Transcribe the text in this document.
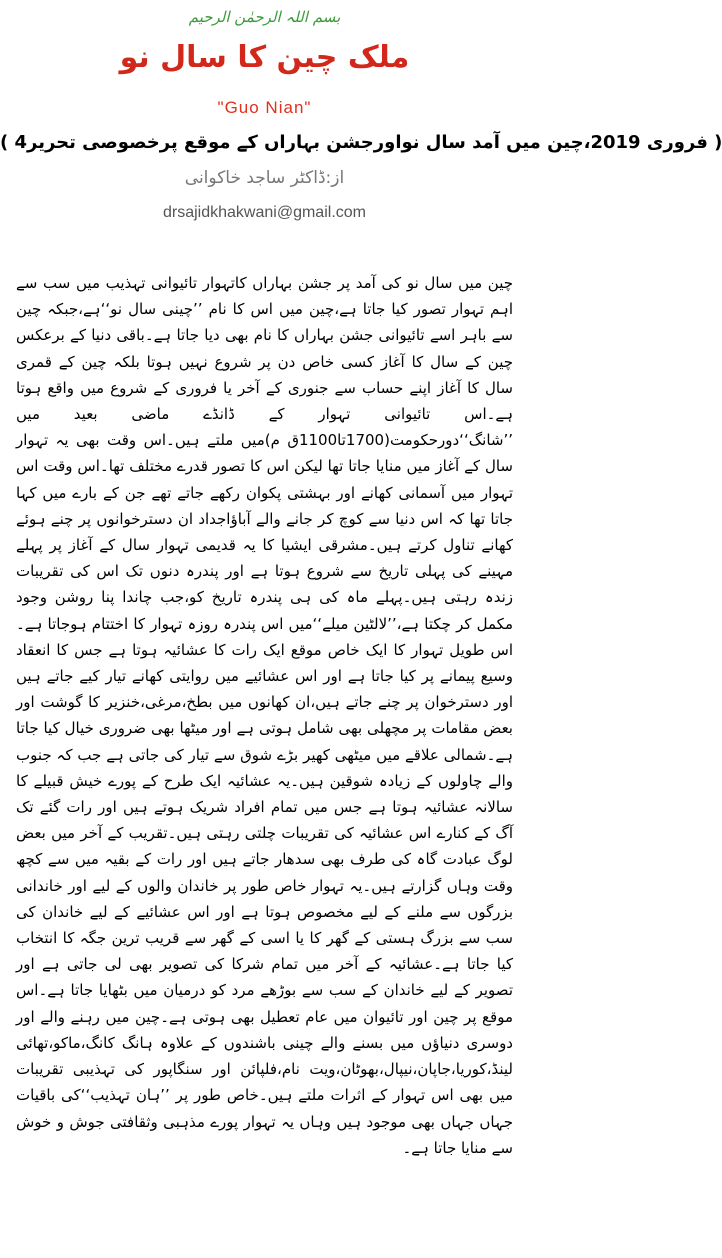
بسم اللہ الرحمٰن الرحیم
ملک چین کا سال نو
"Guo Nian"
( 4فروری 2019،چین میں آمد سال نواورجشن بہاراں کے موقع پرخصوصی تحریر )
از:ڈاکٹر ساجد خاکوانی
drsajidkhakwani@gmail.com

چین میں سال نو کی آمد پر جشن بہاراں کاتہوار تائیوانی تہذیب میں سب سے اہم تہوار تصور کیا جاتا ہے،چین میں اس کا نام ’’چینی سال نو‘‘ہے،جبکہ چین سے باہر اسے تائیوانی جشن بہاراں کا نام بھی دیا جاتا ہے۔باقی دنیا کے برعکس چین کے سال کا آغاز کسی خاص دن پر شروع نہیں ہوتا بلکہ چین کے قمری سال کا آغاز اپنے حساب سے جنوری کے آخر یا فروری کے شروع میں واقع ہوتا ہے۔اس تائیوانی تہوار کے ڈانڈے ماضی بعید میں ’’شانگ‘‘دورحکومت(1700تا1100ق م)میں ملتے ہیں۔اس وقت بھی یہ تہوار سال کے آغاز میں منایا جاتا تھا لیکن اس کا تصور قدرے مختلف تھا۔اس وقت اس تہوار میں آسمانی کھانے اور بہشتی پکوان رکھے جاتے تھے جن کے بارے میں کہا جاتا تھا کہ اس دنیا سے کوچ کر جانے والے آباؤاجداد ان دسترخوانوں پر چنے ہوئے کھانے تناول کرتے ہیں۔مشرقی ایشیا کا یہ قدیمی تہوار سال کے آغاز پر پہلے مہینے کی پہلی تاریخ سے شروع ہوتا ہے اور پندرہ دنوں تک اس کی تقریبات زندہ رہتی ہیں۔پہلے ماہ کی ہی پندرہ تاریخ کو،جب چاندا پنا روشن وجود مکمل کر چکتا ہے،’’لالٹین میلے‘‘میں اس پندرہ روزہ تہوار کا اختتام ہوجاتا ہے۔اس طویل تہوار کا ایک خاص موقع ایک رات کا عشائیہ ہوتا ہے جس کا انعقاد وسیع پیمانے پر کیا جاتا ہے اور اس عشائیے میں روایتی کھانے تیار کیے جاتے ہیں اور دسترخوان پر چنے جاتے ہیں،ان کھانوں میں بطخ،مرغی،خنزیر کا گوشت اور بعض مقامات پر مچھلی بھی شامل ہوتی ہے اور میٹھا بھی ضروری خیال کیا جاتا ہے۔شمالی علاقے میں میٹھی کھیر بڑے شوق سے تیار کی جاتی ہے جب کہ جنوب والے چاولوں کے زیادہ شوقین ہیں۔یہ عشائیہ ایک طرح کے پورے خیش قبیلے کا سالانہ عشائیہ ہوتا ہے جس میں تمام افراد شریک ہوتے ہیں اور رات گئے تک آگ کے کنارے اس عشائیہ کی تقریبات چلتی رہتی ہیں۔تقریب کے آخر میں بعض لوگ عبادت گاہ کی طرف بھی سدھار جاتے ہیں اور رات کے بقیہ میں سے کچھ وقت وہاں گزارتے ہیں۔یہ تہوار خاص طور پر خاندان والوں کے لیے اور خاندانی بزرگوں سے ملنے کے لیے مخصوص ہوتا ہے اور اس عشائیے کے لیے خاندان کی سب سے بزرگ ہستی کے گھر کا یا اسی کے گھر سے قریب ترین جگہ کا انتخاب کیا جاتا ہے۔عشائیہ کے آخر میں تمام شرکا کی تصویر بھی لی جاتی ہے اور تصویر کے لیے خاندان کے سب سے بوڑھے مرد کو درمیان میں بٹھایا جاتا ہے۔اس موقع پر چین اور تائیوان میں عام تعطیل بھی ہوتی ہے۔چین میں رہنے والے اور دوسری دنیاؤں میں بسنے والے چینی باشندوں کے علاوہ ہانگ کانگ،ماکو،تھائی لینڈ،کوریا،جاپان،نیپال،بھوٹان،ویت نام،فلپائن اور سنگاپور کی تہذیبی تقریبات میں بھی اس تہوار کے اثرات ملتے ہیں۔خاص طور پر ’’ہان تہذیب‘‘کی باقیات جہاں جہاں بھی موجود ہیں وہاں یہ تہوار پورے مذہبی وثقافتی جوش و خوش سے منایا جاتا ہے۔
